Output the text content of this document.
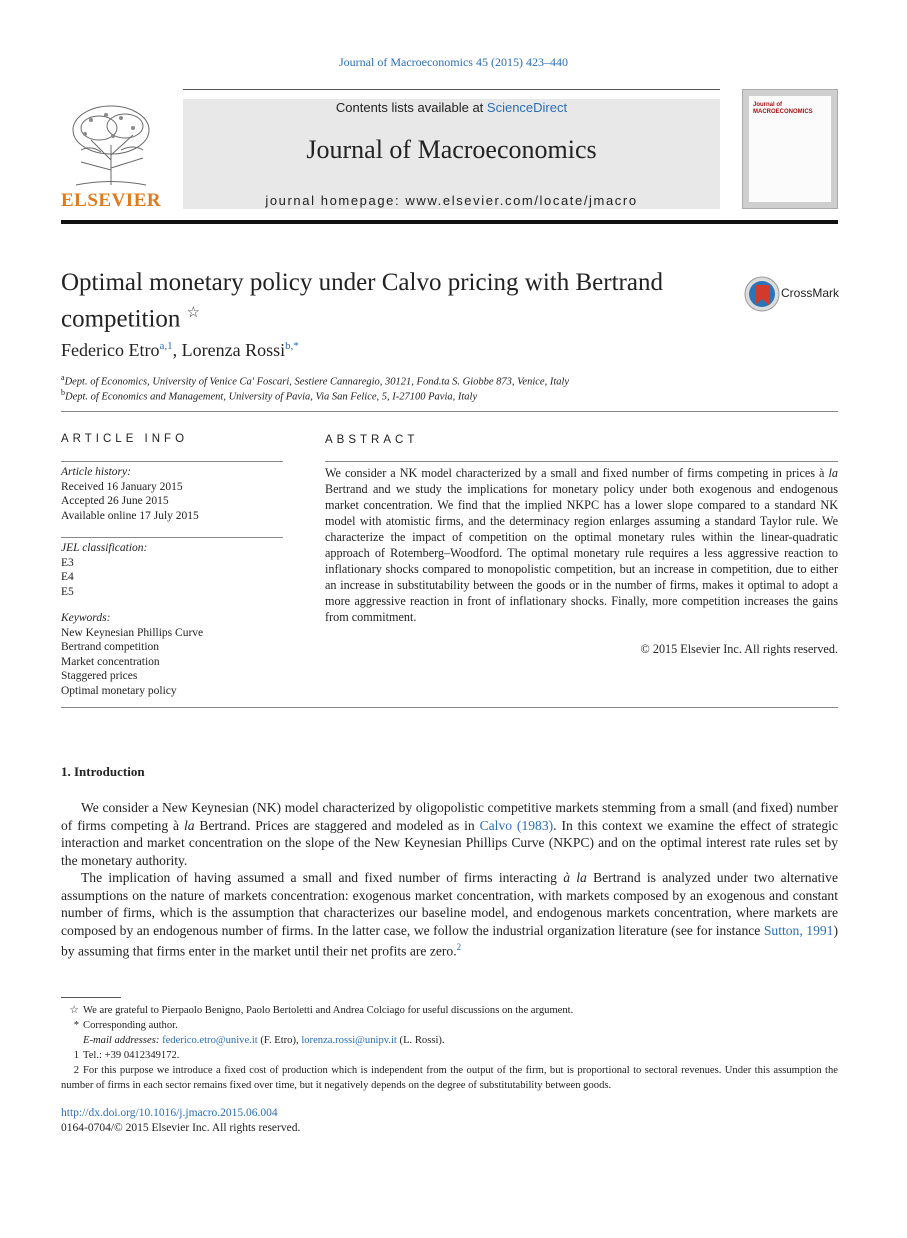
Journal of Macroeconomics 45 (2015) 423–440
ELSEVIER
Contents lists available at ScienceDirect
Journal of Macroeconomics
journal homepage: www.elsevier.com/locate/jmacro
Journal of
MACROECONOMICS
Optimal monetary policy under Calvo pricing with Bertrand competition ☆
CrossMark
Federico Etro$^{a,1}$, Lorenza Rossi$^{b,*}$
$^a$Dept. of Economics, University of Venice Ca' Foscari, Sestiere Cannaregio, 30121, Fond.ta S. Giobbe 873, Venice, Italy
$^b$Dept. of Economics and Management, University of Pavia, Via San Felice, 5, I-27100 Pavia, Italy
ARTICLE INFO
Article history:
Received 16 January 2015
Accepted 26 June 2015
Available online 17 July 2015
JEL classification:
E3
E4
E5
Keywords:
New Keynesian Phillips Curve
Bertrand competition
Market concentration
Staggered prices
Optimal monetary policy
ABSTRACT
We consider a NK model characterized by a small and fixed number of firms competing in prices à la Bertrand and we study the implications for monetary policy under both exogenous and endogenous market concentration. We find that the implied NKPC has a lower slope compared to a standard NK model with atomistic firms, and the determinacy region enlarges assuming a standard Taylor rule. We characterize the impact of competition on the optimal monetary rules within the linear-quadratic approach of Rotemberg–Woodford. The optimal monetary rule requires a less aggressive reaction to inflationary shocks compared to monopolistic competition, but an increase in competition, due to either an increase in substitutability between the goods or in the number of firms, makes it optimal to adopt a more aggressive reaction in front of inflationary shocks. Finally, more competition increases the gains from commitment.
© 2015 Elsevier Inc. All rights reserved.
1. Introduction

We consider a New Keynesian (NK) model characterized by oligopolistic competitive markets stemming from a small (and fixed) number of firms competing à la Bertrand. Prices are staggered and modeled as in Calvo (1983). In this context we examine the effect of strategic interaction and market concentration on the slope of the New Keynesian Phillips Curve (NKPC) and on the optimal interest rate rules set by the monetary authority.

The implication of having assumed a small and fixed number of firms interacting à la Bertrand is analyzed under two alternative assumptions on the nature of markets concentration: exogenous market concentration, with markets composed by an exogenous and constant number of firms, which is the assumption that characterizes our baseline model, and endogenous markets concentration, where markets are composed by an endogenous number of firms. In the latter case, we follow the industrial organization literature (see for instance Sutton, 1991) by assuming that firms enter in the market until their net profits are zero.$^2$

☆ We are grateful to Pierpaolo Benigno, Paolo Bertoletti and Andrea Colciago for useful discussions on the argument.
* Corresponding author.
E-mail addresses: federico.etro@unive.it (F. Etro), lorenza.rossi@unipv.it (L. Rossi).
1 Tel.: +39 0412349172.
2 For this purpose we introduce a fixed cost of production which is independent from the output of the firm, but is proportional to sectoral revenues. Under this assumption the number of firms in each sector remains fixed over time, but it negatively depends on the degree of substitutability between goods.
http://dx.doi.org/10.1016/j.jmacro.2015.06.004
0164-0704/© 2015 Elsevier Inc. All rights reserved.
